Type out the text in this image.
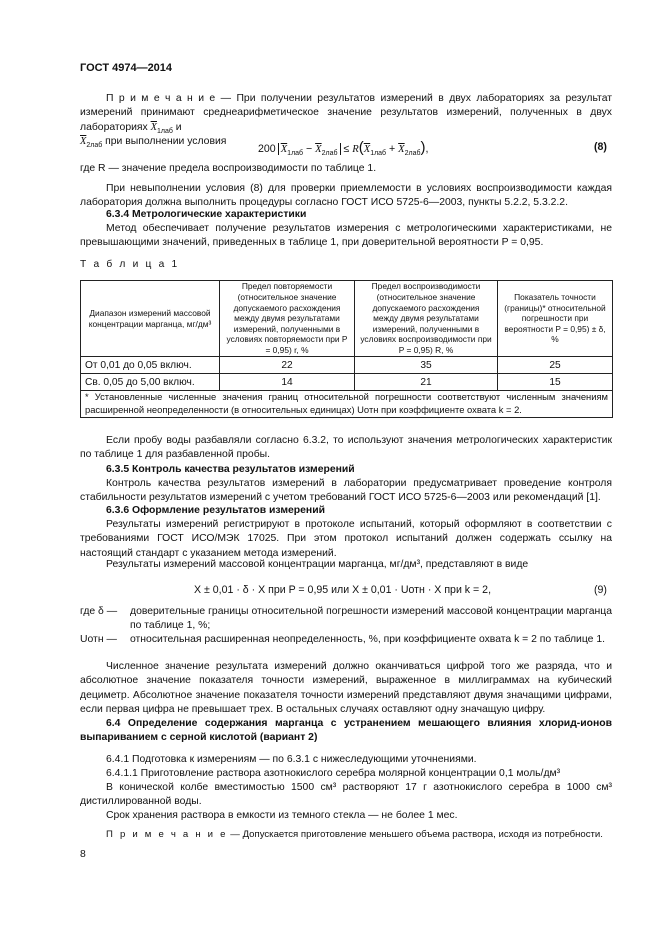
ГОСТ 4974—2014

П р и м е ч а н и е — При получении результатов измерений в двух лабораториях за результат измерений принимают среднеарифметическое значение результатов измерений, полученных в двух лабораториях $\overline{X}_{1лаб}$ и
$\overline{X}_{2лаб}$ при выполнении условия

200 $\overline{X}_{1лаб} - \overline{X}_{2лаб} \le R(\overline{X}_{1лаб} + \overline{X}_{2лаб})$,	(8)

где R — значение предела воспроизводимости по таблице 1.

При невыполнении условия (8) для проверки приемлемости в условиях воспроизводимости каждая лаборатория должна выполнить процедуры согласно ГОСТ ИСО 5725-6—2003, пункты 5.2.2, 5.3.2.2.

6.3.4 Метрологические характеристики

Метод обеспечивает получение результатов измерения с метрологическими характеристиками, не превышающими значений, приведенных в таблице 1, при доверительной вероятности P = 0,95.

Т а б л и ц а 1
Диапазон измерений массовой концентрации марганца, мг/дм³	Предел повторяемости (относительное значение допускаемого расхождения между двумя результатами измерений, полученными в условиях повторяемости при P = 0,95) r, %	Предел воспроизводимости (относительное значение допускаемого расхождения между двумя результатами измерений, полученными в условиях воспроизводимости при P = 0,95) R, %	Показатель точности (границы)* относительной погрешности при вероятности P = 0,95) ± δ, %
От 0,01 до 0,05 включ.	22	35	25
Св. 0,05 до 5,00 включ.	14	21	15
* Установленные численные значения границ относительной погрешности соответствуют численным значениям расширенной неопределенности (в относительных единицах) Uотн при коэффициенте охвата k = 2.			

Если пробу воды разбавляли согласно 6.3.2, то используют значения метрологических характеристик по таблице 1 для разбавленной пробы.

6.3.5 Контроль качества результатов измерений

Контроль качества результатов измерений в лаборатории предусматривает проведение контроля стабильности результатов измерений с учетом требований ГОСТ ИСО 5725-6—2003 или рекомендаций [1].

6.3.6 Оформление результатов измерений

Результаты измерений регистрируют в протоколе испытаний, который оформляют в соответствии с требованиями ГОСТ ИСО/МЭК 17025. При этом протокол испытаний должен содержать ссылку на настоящий стандарт с указанием метода измерений.

Результаты измерений массовой концентрации марганца, мг/дм³, представляют в виде

X ± 0,01 · δ · X при P = 0,95 или X ± 0,01 · Uотн · X при k = 2,	(9)
где δ — доверительные границы относительной погрешности измерений массовой концентрации марганца по таблице 1, %;
Uотн — относительная расширенная неопределенность, %, при коэффициенте охвата k = 2 по таблице 1.

Численное значение результата измерений должно оканчиваться цифрой того же разряда, что и абсолютное значение показателя точности измерений, выраженное в миллиграммах на кубический дециметр. Абсолютное значение показателя точности измерений представляют двумя значащими цифрами, если первая цифра не превышает трех. В остальных случаях оставляют одну значащую цифру.

6.4 Определение содержания марганца с устранением мешающего влияния хлорид-ионов выпариванием с серной кислотой (вариант 2)

6.4.1 Подготовка к измерениям — по 6.3.1 с нижеследующими уточнениями.

6.4.1.1 Приготовление раствора азотнокислого серебра молярной концентрации 0,1 моль/дм³

В конической колбе вместимостью 1500 см³ растворяют 17 г азотнокислого серебра в 1000 см³ дистиллированной воды.

Срок хранения раствора в емкости из темного стекла — не более 1 мес.

П р и м е ч а н и е — Допускается приготовление меньшего объема раствора, исходя из потребности.

8
